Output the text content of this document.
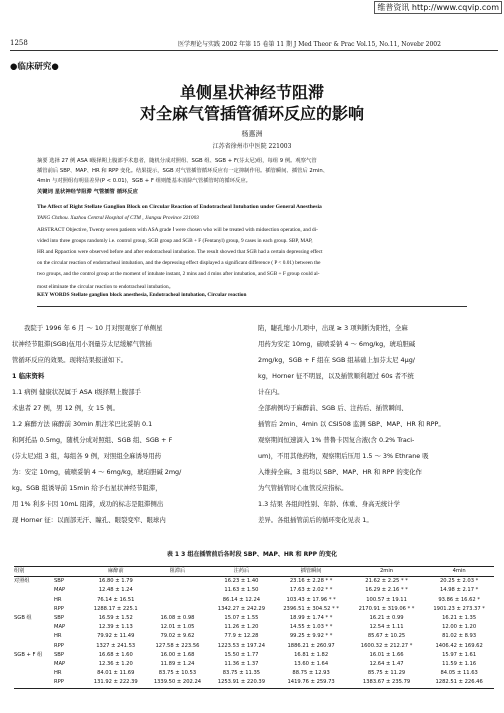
维普资讯 http://www.cqvip.com
1258	医学理论与实践 2002 年第 15 卷第 11 期 J Med Theor & Prac Vol.15, No.11, Novebr 2002
●临床研究●
单侧星状神经节阻滞
对全麻气管插管循环反应的影响
杨惠洲
江苏省徐州市中医院 221003
摘要 选择 27 例 ASA Ⅰ级择期上腹部手术患者，随机分成对照组、SGB 组、SGB + F(芬太尼)组，每组 9 例。观察气管
插管前后 SBP、MAP、HR 和 RPP 变化。结果提示，SGB 对气管插管循环反应有一定抑制作用。插管瞬间、插管后 2min、
4min 与对照组有明显差异(P < 0.01)，SGB + F 组则能基本消除气管插管时的循环反应。
关键词 星状神经节阻滞 气管插管 循环反应
The Affect of Right Stellate Ganglion Block on Circular Reaction of Endotracheal Intubation under General Anesthesia
YANG Chzhou. Xuzhou Central Hospital of CTM , Jiangsu Province 221003
ABSTRACT Objective, Twenty seven patients with ASA grade Ⅰ were chosen who will be treated with midsection operation, and di-
vided into three groups randomly i.e. control group, SGB group and SGB + F (Fentanyl) group, 9 cases in each group. SBP, MAP,
HR and Rppaction were observed before and after endotracheal intubation. The result showed that SGB had a certain depressing effect
on the circular reaction of endotracheal intubation, and the depressing effect displayed a significant difference ( P < 0.01) between the
two groups, and the control group at the moment of intubate instant, 2 mins and 4 mins after intubation, and SGB + F group could al-
most eliminate the circular reaction to endotracheal intubation。
KEY WORDS Stellate ganglion block anesthesia, Endotracheal intubation, Circular reaction
我院于 1996 年 6 月 ～ 10 月对照观察了单侧星
状神经节阻滞(SGB)伍用小剂量芬太尼缓解气管插
管循环反应的效果。现将结果报道如下。
1 临床资料
1.1 病例 健康状况属于 ASA Ⅰ级择期上腹部手
术患者 27 例，男 12 例，女 15 例。
1.2 麻醉方法 麻醉前 30min 肌注苯巴比妥钠 0.1
和阿托品 0.5mg，随机分成对照组、SGB 组、SGB + F
(芬太尼)组 3 组，每组各 9 例，对照组全麻诱导用药
为：安定 10mg，硫喷妥钠 4 ～ 6mg/kg，琥珀胆碱 2mg/
kg。SGB 组诱导前 15min 给予右星状神经节阻滞，
用 1% 利多卡因 10mL 阻滞，成功的标志是阻滞侧出
现 Horner 征：以面部无汗、瞳孔、眼裂变窄、眼球内
陷，睫孔缩小几项中，出现 ≥ 3 项判断为阳性，全麻
用药为安定 10mg，硫喷妥钠 4 ～ 6mg/kg，琥珀胆碱
2mg/kg，SGB + F 组在 SGB 组基础上加芬太尼 4μg/
kg，Horner 征不明显，以及插管顺利超过 60s 者不统
计在内。
全部病例均于麻醉前、SGB 后、注药后、插管瞬间、
插管后 2min、4min 以 CSI508 监测 SBP、MAP、HR 和 RPP。
观察期间恒速滴入 1% 普鲁卡因复合液(含 0.2% Traci-
um)，不用其他药物，观察期后压用 1.5 ～ 3% Ethrane 吸
入维持全麻。3 组均以 SBP、MAP、HR 和 RPP 的变化作
为气管插管时心血管反应指标。
1.3 结果 各组间性别、年龄、体重、身高无统计学
差异。各组插管前后的循环变化见表 1。
表 1 3 组在插管前后各时段 SBP、MAP、HR 和 RPP 的变化
组别		麻醉前	阻滞后	注药后	插管瞬间	2min	4min
对照组	SBP	16.80 ± 1.79		16.23 ± 1.40	23.16 ± 2.28 * *	21.62 ± 2.25 * *	20.25 ± 2.03 *
	MAP	12.48 ± 1.24		11.63 ± 1.50	17.63 ± 2.02 * *	16.29 ± 2.16 * *	14.98 ± 2.17 *
	HR	76.14 ± 16.51		86.14 ± 12.24	103.43 ± 17.96 * *	100.57 ± 19.11	93.86 ± 16.62 *
	RPP	1288.17 ± 225.1		1342.27 ± 242.29	2396.51 ± 304.52 * *	2170.91 ± 319.06 * *	1901.23 ± 273.37 *
SGB 组	SBP	16.59 ± 1.52	16.08 ± 0.98	15.07 ± 1.55	18.99 ± 1.74 * *	16.21 ± 0.99	16.21 ± 1.35
	MAP	12.39 ± 1.13	12.01 ± 1.05	11.26 ± 1.20	14.55 ± 1.03 * *	12.54 ± 1.11	12.00 ± 1.20
	HR	79.92 ± 11.49	79.02 ± 9.62	77.9 ± 12.28	99.25 ± 9.92 * *	85.67 ± 10.25	81.02 ± 8.93
	RPP	1327 ± 241.53	127.58 ± 223.56	1223.53 ± 197.24	1886.21 ± 260.97	1600.32 ± 212.27 *	1406.42 ± 169.62
SGB + F 组	SBP	16.68 ± 1.60	16.00 ± 1.68	15.50 ± 1.77	16.81 ± 1.82	16.01 ± 1.66	15.97 ± 1.61
	MAP	12.36 ± 1.20	11.89 ± 1.24	11.36 ± 1.37	13.60 ± 1.64	12.64 ± 1.47	11.59 ± 1.16
	HR	84.01 ± 11.69	83.75 ± 10.53	83.75 ± 11.35	88.75 ± 12.93	85.75 ± 11.29	84.05 ± 11.63
	RPP	131.92 ± 222.39	1339.50 ± 202.24	1253.91 ± 220.39	1419.76 ± 259.73	1383.67 ± 235.79	1282.51 ± 226.46
